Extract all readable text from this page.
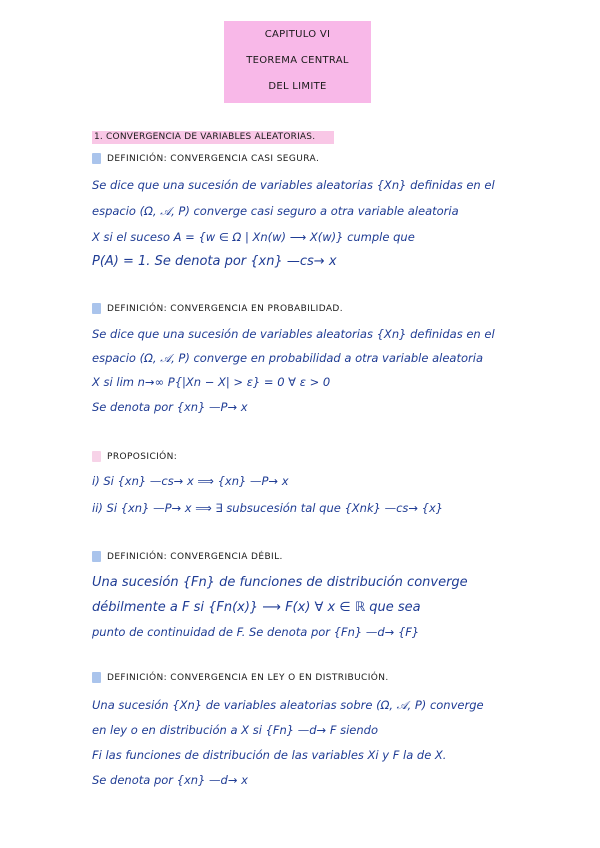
CAPITULO VI
TEOREMA CENTRAL
DEL LIMITE
1. CONVERGENCIA DE VARIABLES ALEATORIAS.
DEFINICIÓN: CONVERGENCIA CASI SEGURA.
Se dice que una sucesión de variables aleatorias {Xn} definidas en el
espacio (Ω, 𝒜, P) converge casi seguro a otra variable aleatoria
X si el suceso A = {w ∈ Ω | Xn(w) ⟶ X(w)} cumple que
P(A) = 1. Se denota por {xn} —cs→ x
DEFINICIÓN: CONVERGENCIA EN PROBABILIDAD.
Se dice que una sucesión de variables aleatorias {Xn} definidas en el
espacio (Ω, 𝒜, P) converge en probabilidad a otra variable aleatoria
X si lim n→∞ P{|Xn − X| > ε} = 0 ∀ ε > 0
Se denota por {xn} —P→ x
PROPOSICIÓN:
i) Si {xn} —cs→ x ⟹ {xn} —P→ x
ii) Si {xn} —P→ x ⟹ ∃ subsucesión tal que {Xnk} —cs→ {x}
DEFINICIÓN: CONVERGENCIA DÉBIL.
Una sucesión {Fn} de funciones de distribución converge
débilmente a F si {Fn(x)} ⟶ F(x) ∀ x ∈ ℝ que sea
punto de continuidad de F. Se denota por {Fn} —d→ {F}
DEFINICIÓN: CONVERGENCIA EN LEY O EN DISTRIBUCIÓN.
Una sucesión {Xn} de variables aleatorias sobre (Ω, 𝒜, P) converge
en ley o en distribución a X si {Fn} —d→ F siendo
Fi las funciones de distribución de las variables Xi y F la de X.
Se denota por {xn} —d→ x
